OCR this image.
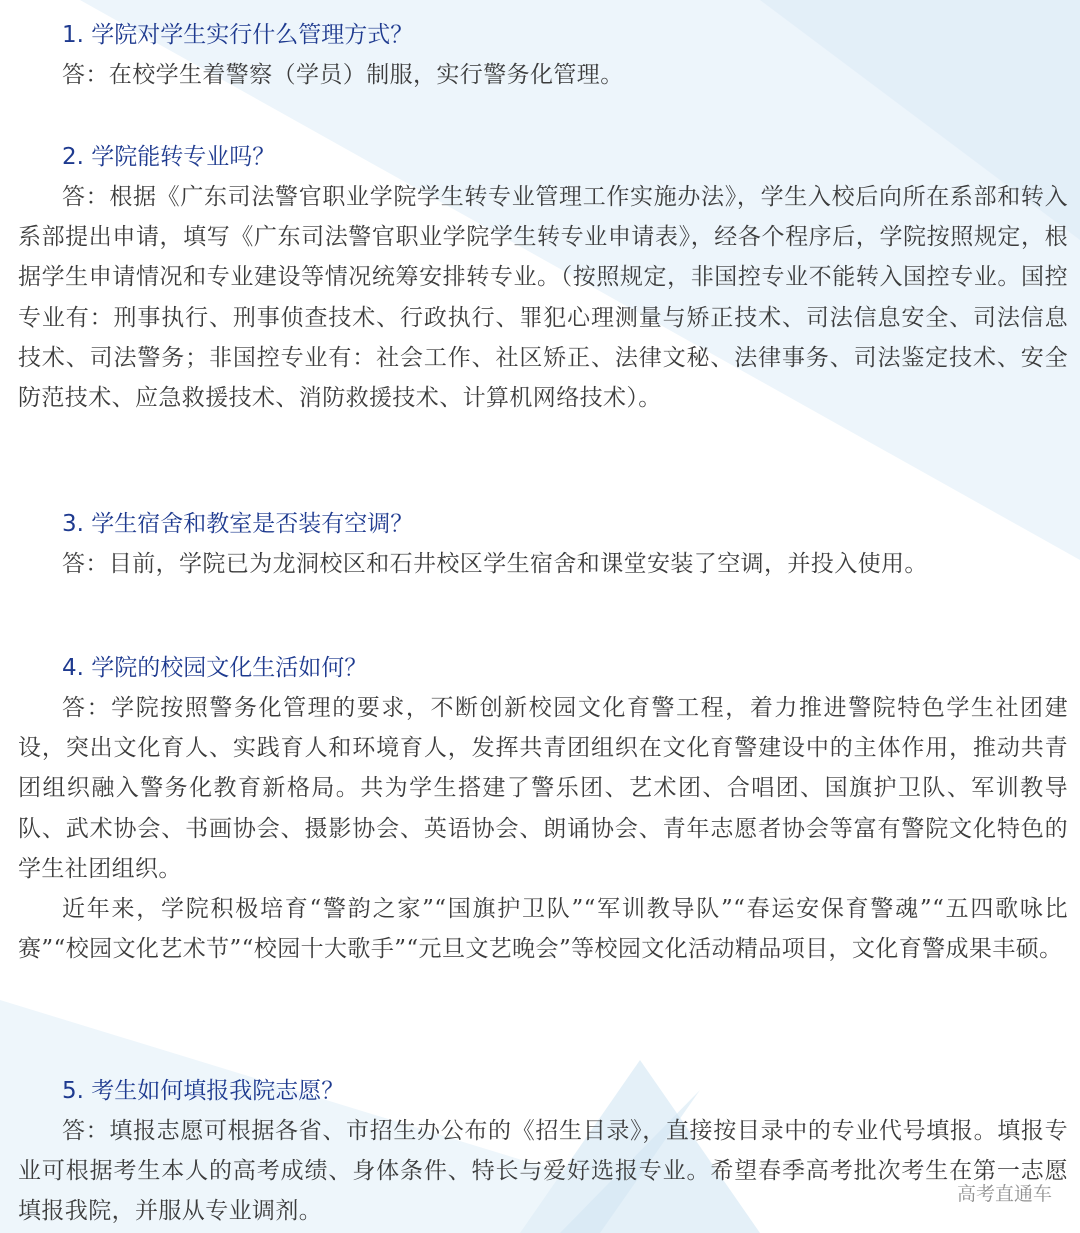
1. 学院对学生实行什么管理方式？

答：在校学生着警察（学员）制服，实行警务化管理。

2. 学院能转专业吗？

答：根据《广东司法警官职业学院学生转专业管理工作实施办法》，学生入校后向所在系部和转入系部提出申请，填写《广东司法警官职业学院学生转专业申请表》，经各个程序后，学院按照规定，根据学生申请情况和专业建设等情况统筹安排转专业。（按照规定，非国控专业不能转入国控专业。国控专业有：刑事执行、刑事侦查技术、行政执行、罪犯心理测量与矫正技术、司法信息安全、司法信息技术、司法警务；非国控专业有：社会工作、社区矫正、法律文秘、法律事务、司法鉴定技术、安全防范技术、应急救援技术、消防救援技术、计算机网络技术）。

3. 学生宿舍和教室是否装有空调？

答：目前，学院已为龙洞校区和石井校区学生宿舍和课堂安装了空调，并投入使用。

4. 学院的校园文化生活如何？

答：学院按照警务化管理的要求，不断创新校园文化育警工程，着力推进警院特色学生社团建设，突出文化育人、实践育人和环境育人，发挥共青团组织在文化育警建设中的主体作用，推动共青团组织融入警务化教育新格局。共为学生搭建了警乐团、艺术团、合唱团、国旗护卫队、军训教导队、武术协会、书画协会、摄影协会、英语协会、朗诵协会、青年志愿者协会等富有警院文化特色的学生社团组织。

近年来，学院积极培育“警韵之家”“国旗护卫队”“军训教导队”“春运安保育警魂”“五四歌咏比赛”“校园文化艺术节”“校园十大歌手”“元旦文艺晚会”等校园文化活动精品项目，文化育警成果丰硕。

5. 考生如何填报我院志愿？

答：填报志愿可根据各省、市招生办公布的《招生目录》，直接按目录中的专业代号填报。填报专业可根据考生本人的高考成绩、身体条件、特长与爱好选报专业。希望春季高考批次考生在第一志愿填报我院，并服从专业调剂。

高考直通车
